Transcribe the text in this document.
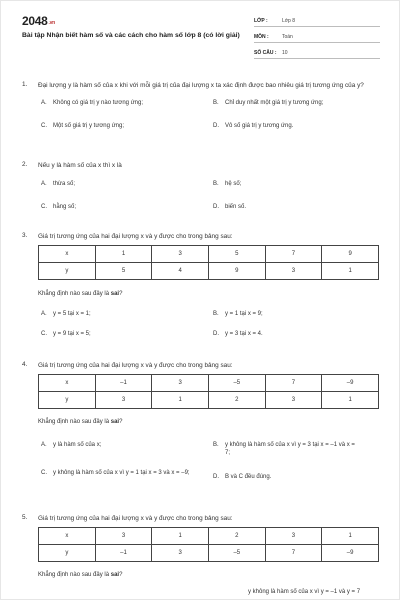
2048.vn
Bài tập Nhận biết hàm số và các cách cho hàm số lớp 8 (có lời giải)
LỚP :	Lớp 8
MÔN :	Toán
SỐ CÂU :	10
1. Đại lượng y là hàm số của x khi với mỗi giá trị của đại lượng x ta xác định được bao nhiêu giá trị tương ứng của y?
A.	Không có giá trị y nào tương ứng;	B.	Chỉ duy nhất một giá trị y tương ứng;
C.	Một số giá trị y tương ứng;	D.	Vô số giá trị y tương ứng.
2. Nếu y là hàm số của x thì x là
A.	thừa số;	B.	hệ số;
C.	hằng số;	D.	biến số.
3. Giá trị tương ứng của hai đại lượng x và y được cho trong bảng sau:
x	1	3	5	7	9
y	5	4	9	3	1
Khẳng định nào sau đây là sai?
A.	y = 5 tại x = 1;	B.	y = 1 tại x = 9;
C.	y = 9 tại x = 5;	D.	y = 3 tại x = 4.
4. Giá trị tương ứng của hai đại lượng x và y được cho trong bảng sau:
x	–1	3	–5	7	–9
y	3	1	2	3	1
Khẳng định nào sau đây là sai?
A.	y là hàm số của x;	B.	y không là hàm số của x vì y = 3 tại x = –1 và x = 7;
C.	y không là hàm số của x vì y = 1 tại x = 3 và x = –9;
D.	B và C đều đúng.
5. Giá trị tương ứng của hai đại lượng x và y được cho trong bảng sau:
x	3	1	2	3	1
y	–1	3	–5	7	–9
Khẳng định nào sau đây là sai?
y không là hàm số của x vì y = –1 và y = 7
